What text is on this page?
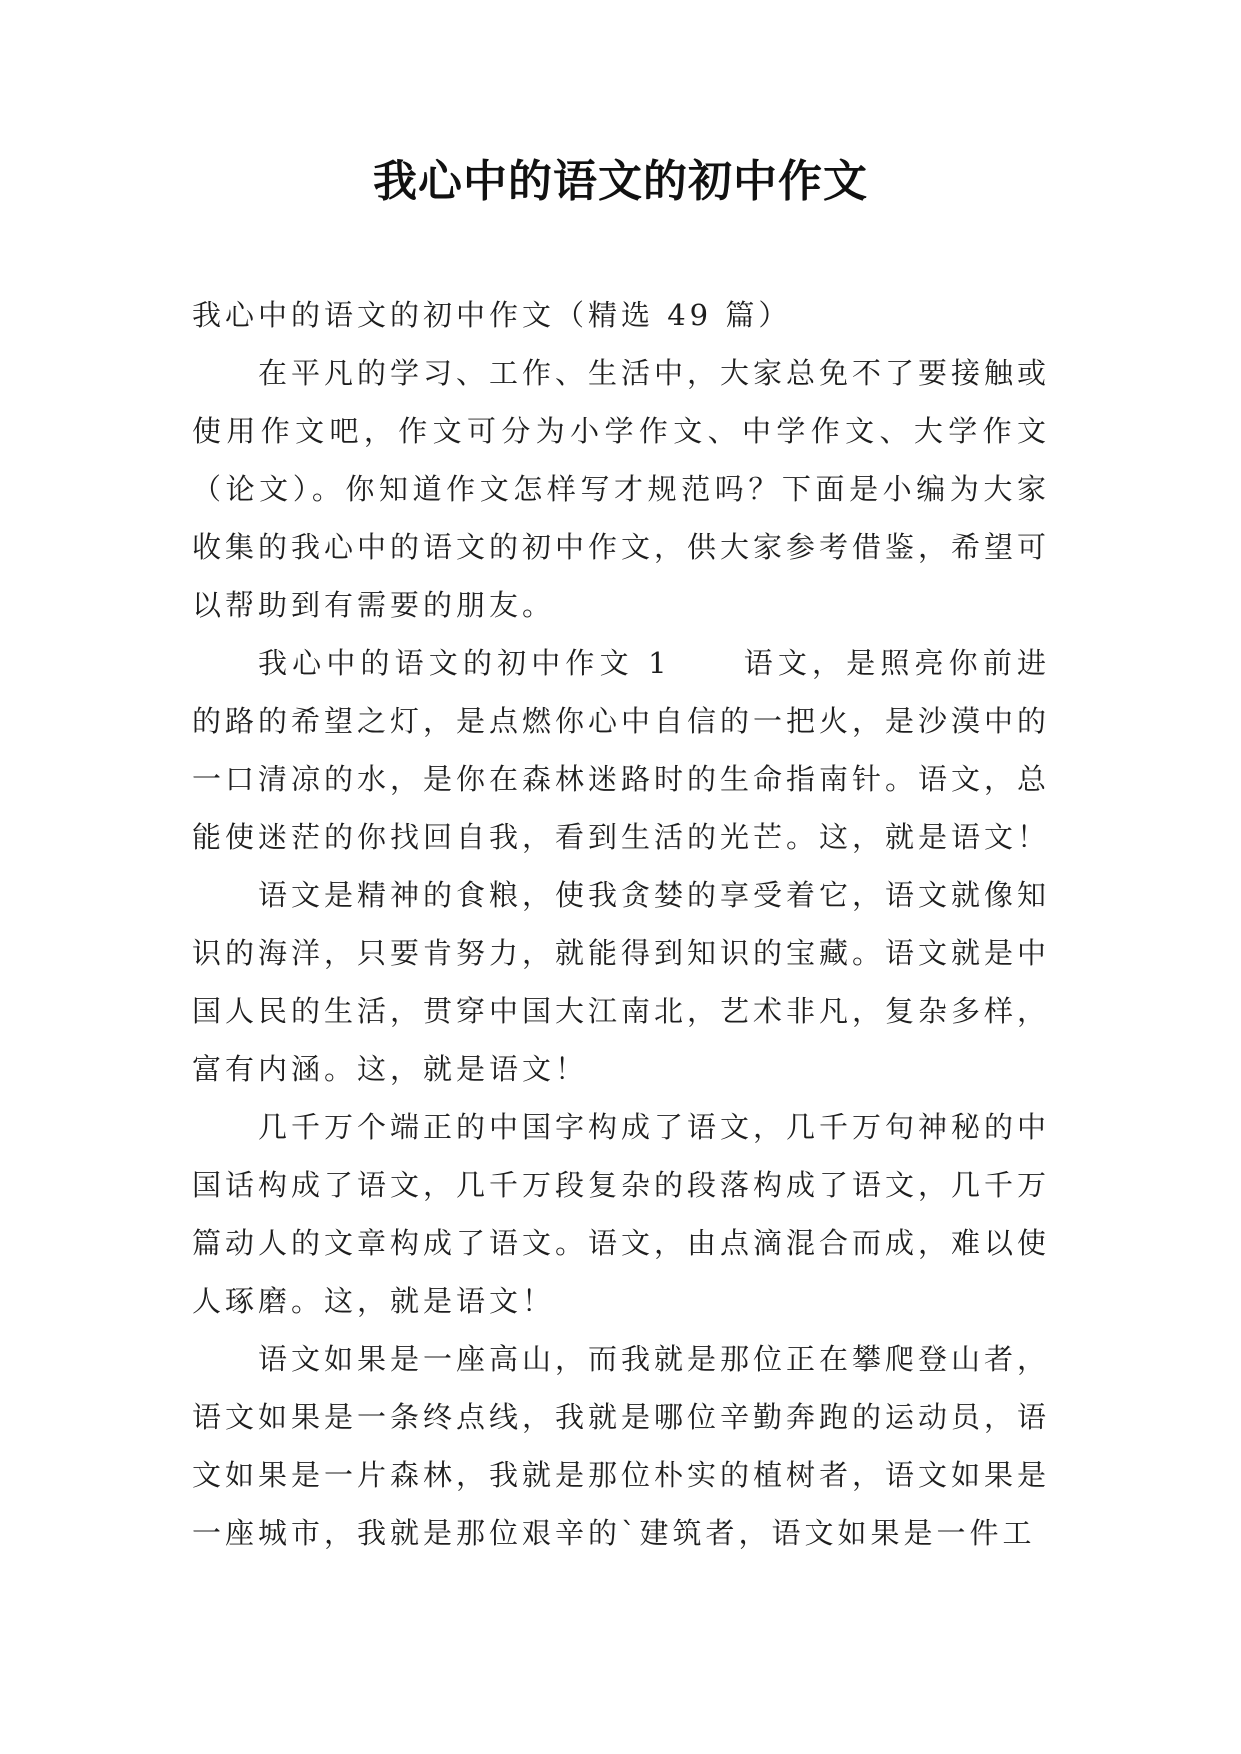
我心中的语文的初中作文

我心中的语文的初中作文（精选 49 篇）

在平凡的学习、工作、生活中，大家总免不了要接触或使用作文吧，作文可分为小学作文、中学作文、大学作文（论文）。你知道作文怎样写才规范吗？下面是小编为大家收集的我心中的语文的初中作文，供大家参考借鉴，希望可以帮助到有需要的朋友。

我心中的语文的初中作文 1 语文，是照亮你前进的路的希望之灯，是点燃你心中自信的一把火，是沙漠中的一口清凉的水，是你在森林迷路时的生命指南针。语文，总能使迷茫的你找回自我，看到生活的光芒。这，就是语文！

语文是精神的食粮，使我贪婪的享受着它，语文就像知识的海洋，只要肯努力，就能得到知识的宝藏。语文就是中国人民的生活，贯穿中国大江南北，艺术非凡，复杂多样，富有内涵。这，就是语文！

几千万个端正的中国字构成了语文，几千万句神秘的中国话构成了语文，几千万段复杂的段落构成了语文，几千万篇动人的文章构成了语文。语文，由点滴混合而成，难以使人琢磨。这，就是语文！

语文如果是一座高山，而我就是那位正在攀爬登山者，语文如果是一条终点线，我就是哪位辛勤奔跑的运动员，语文如果是一片森林，我就是那位朴实的植树者，语文如果是一座城市，我就是那位艰辛的`建筑者，语文如果是一件工
